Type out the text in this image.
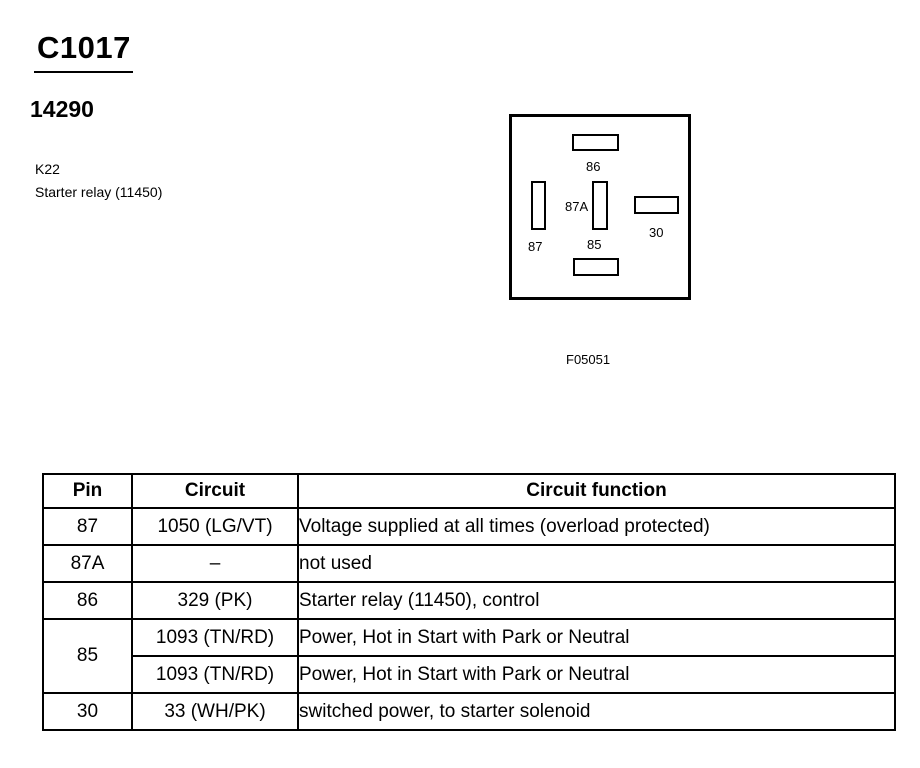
C1017
14290
K22
Starter relay (11450)
86
87A
30
87	85
F05051
Pin	Circuit	Circuit function
87	1050 (LG/VT)	Voltage supplied at all times (overload protected)
87A	–	not used
86	329 (PK)	Starter relay (11450), control
85	1093 (TN/RD)	Power, Hot in Start with Park or Neutral
	1093 (TN/RD)	Power, Hot in Start with Park or Neutral
30	33 (WH/PK)	switched power, to starter solenoid
